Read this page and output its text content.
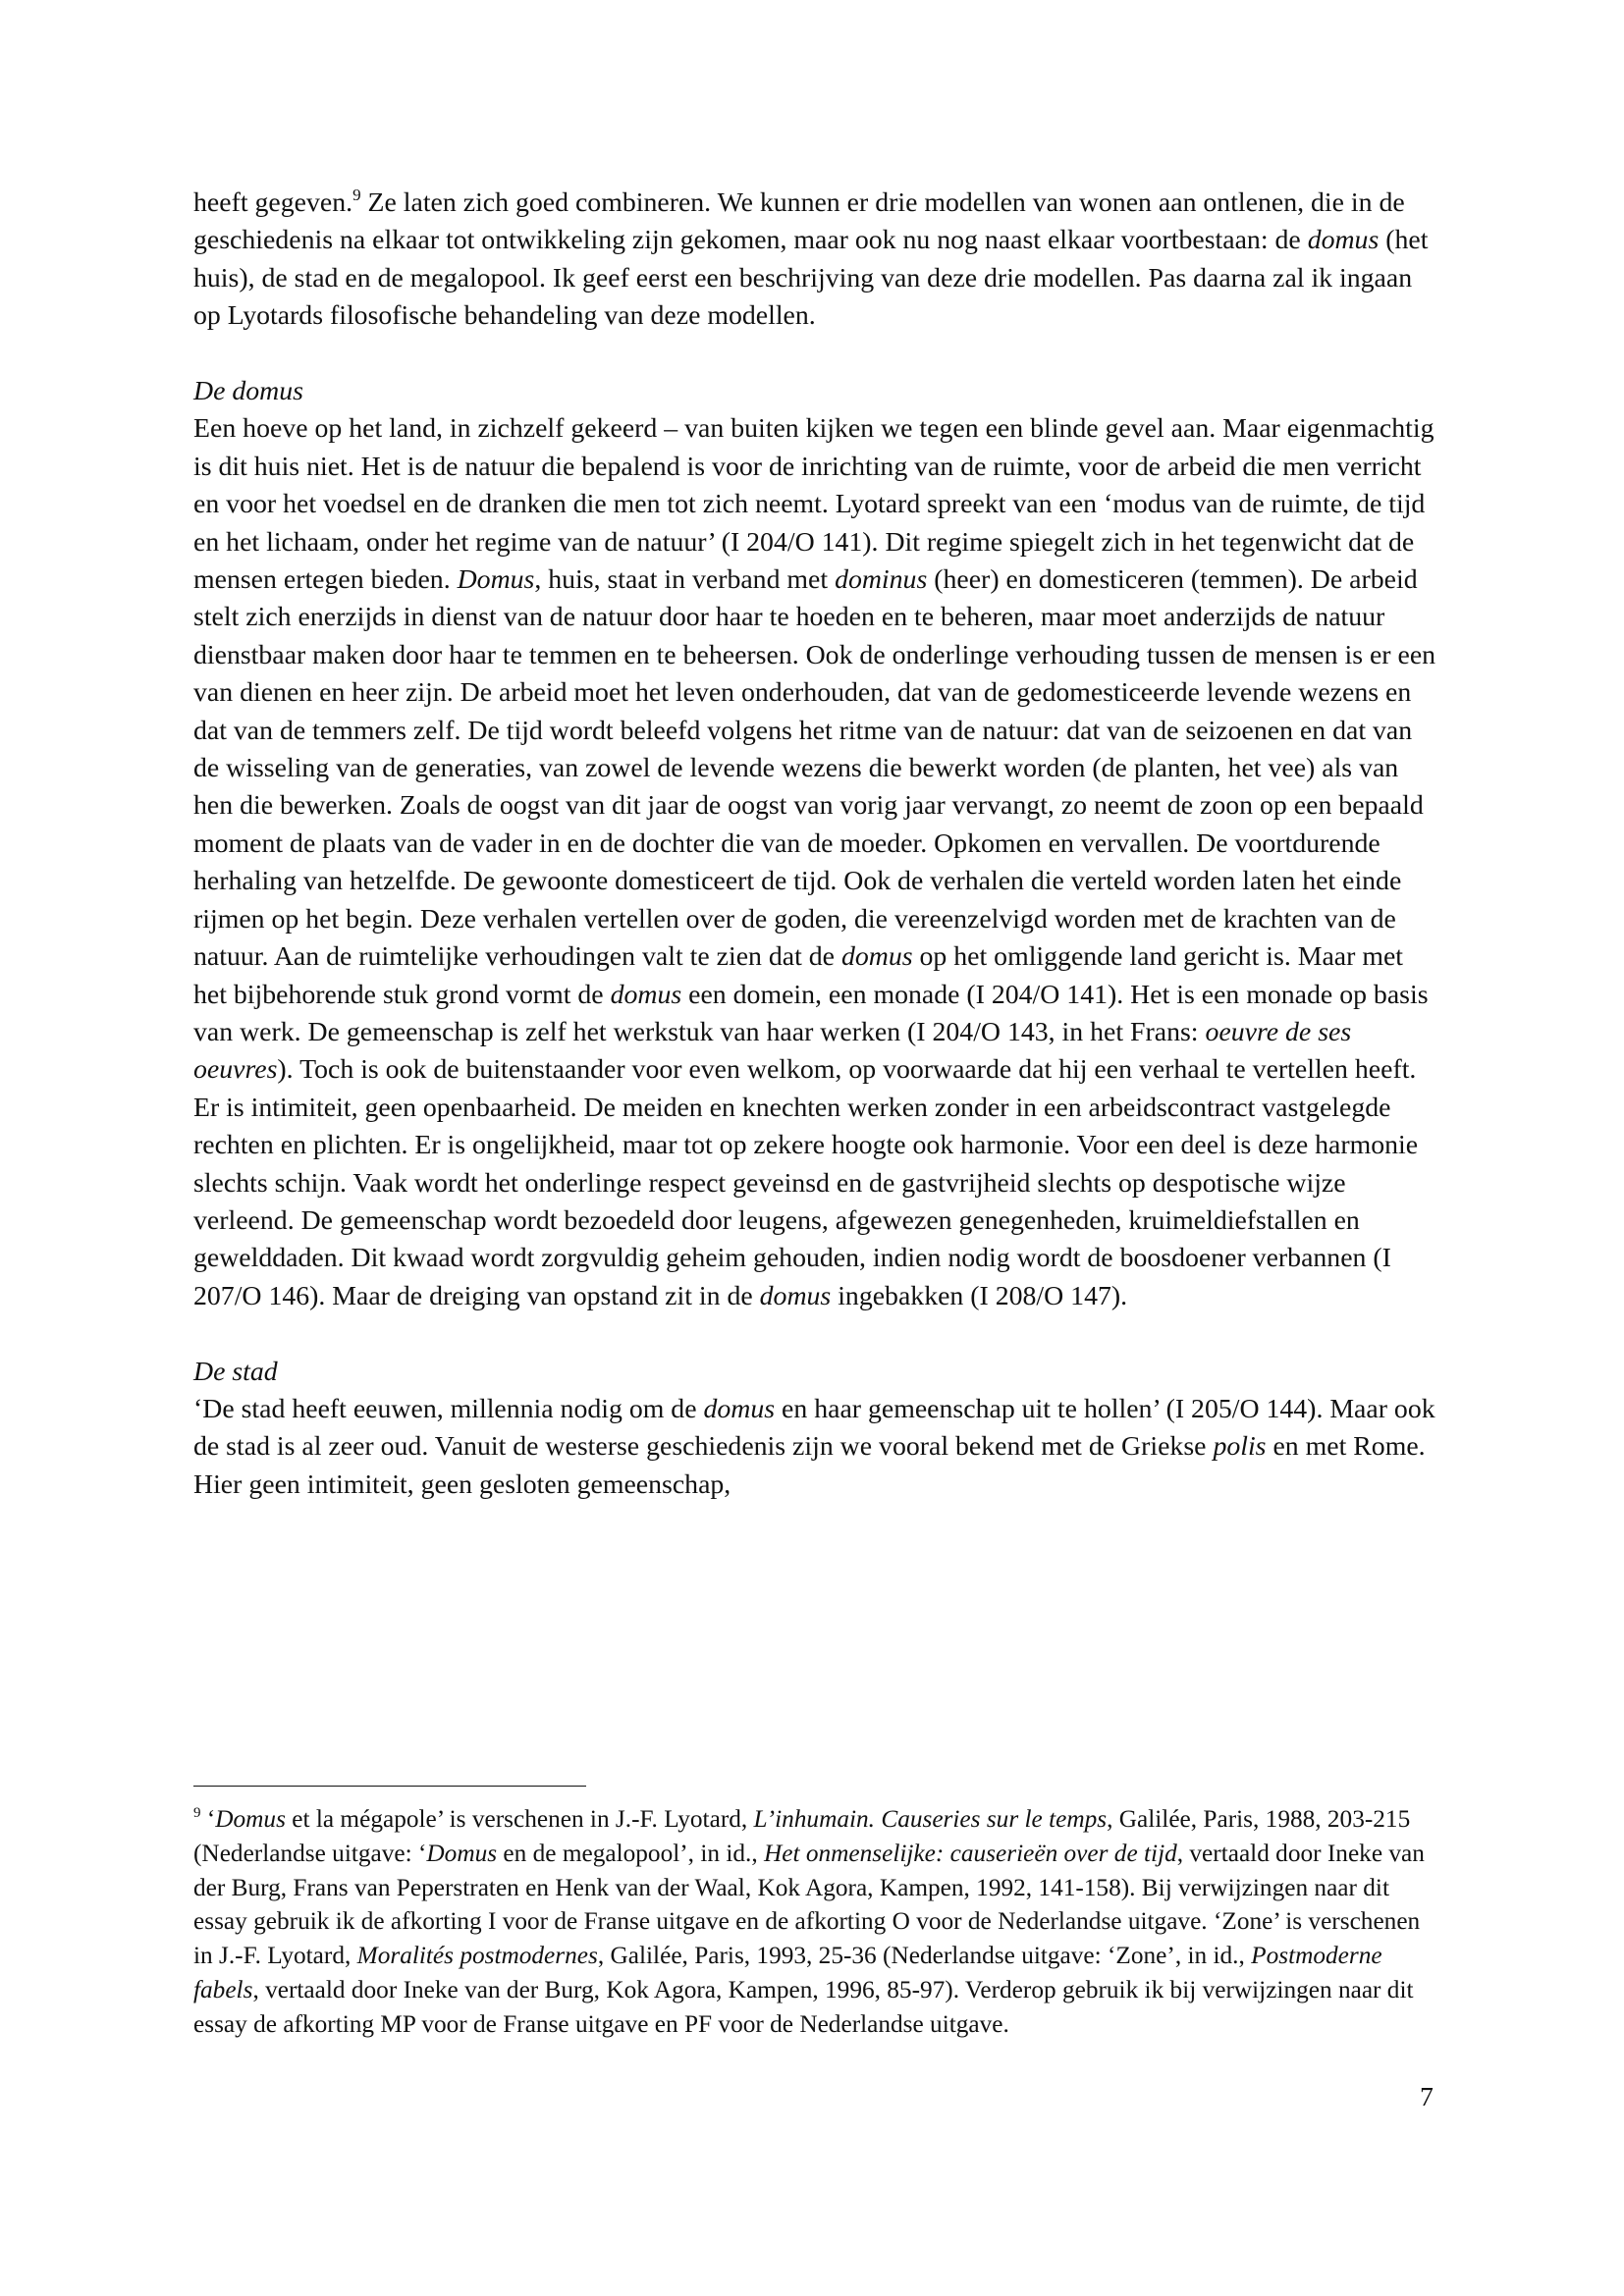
heeft gegeven.$^9$ Ze laten zich goed combineren. We kunnen er drie modellen van wonen aan ontlenen, die in de geschiedenis na elkaar tot ontwikkeling zijn gekomen, maar ook nu nog naast elkaar voortbestaan: de domus (het huis), de stad en de megalopool. Ik geef eerst een beschrijving van deze drie modellen. Pas daarna zal ik ingaan op Lyotards filosofische behandeling van deze modellen.

De domus

Een hoeve op het land, in zichzelf gekeerd – van buiten kijken we tegen een blinde gevel aan. Maar eigenmachtig is dit huis niet. Het is de natuur die bepalend is voor de inrichting van de ruimte, voor de arbeid die men verricht en voor het voedsel en de dranken die men tot zich neemt. Lyotard spreekt van een ‘modus van de ruimte, de tijd en het lichaam, onder het regime van de natuur’ (I 204/O 141). Dit regime spiegelt zich in het tegenwicht dat de mensen ertegen bieden. Domus, huis, staat in verband met dominus (heer) en domesticeren (temmen). De arbeid stelt zich enerzijds in dienst van de natuur door haar te hoeden en te beheren, maar moet anderzijds de natuur dienstbaar maken door haar te temmen en te beheersen. Ook de onderlinge verhouding tussen de mensen is er een van dienen en heer zijn. De arbeid moet het leven onderhouden, dat van de gedomesticeerde levende wezens en dat van de temmers zelf. De tijd wordt beleefd volgens het ritme van de natuur: dat van de seizoenen en dat van de wisseling van de generaties, van zowel de levende wezens die bewerkt worden (de planten, het vee) als van hen die bewerken. Zoals de oogst van dit jaar de oogst van vorig jaar vervangt, zo neemt de zoon op een bepaald moment de plaats van de vader in en de dochter die van de moeder. Opkomen en vervallen. De voortdurende herhaling van hetzelfde. De gewoonte domesticeert de tijd. Ook de verhalen die verteld worden laten het einde rijmen op het begin. Deze verhalen vertellen over de goden, die vereenzelvigd worden met de krachten van de natuur. Aan de ruimtelijke verhoudingen valt te zien dat de domus op het omliggende land gericht is. Maar met het bijbehorende stuk grond vormt de domus een domein, een monade (I 204/O 141). Het is een monade op basis van werk. De gemeenschap is zelf het werkstuk van haar werken (I 204/O 143, in het Frans: oeuvre de ses oeuvres). Toch is ook de buitenstaander voor even welkom, op voorwaarde dat hij een verhaal te vertellen heeft. Er is intimiteit, geen openbaarheid. De meiden en knechten werken zonder in een arbeidscontract vastgelegde rechten en plichten. Er is ongelijkheid, maar tot op zekere hoogte ook harmonie. Voor een deel is deze harmonie slechts schijn. Vaak wordt het onderlinge respect geveinsd en de gastvrijheid slechts op despotische wijze verleend. De gemeenschap wordt bezoedeld door leugens, afgewezen genegenheden, kruimeldiefstallen en gewelddaden. Dit kwaad wordt zorgvuldig geheim gehouden, indien nodig wordt de boosdoener verbannen (I 207/O 146). Maar de dreiging van opstand zit in de domus ingebakken (I 208/O 147).

De stad

‘De stad heeft eeuwen, millennia nodig om de domus en haar gemeenschap uit te hollen’ (I 205/O 144). Maar ook de stad is al zeer oud. Vanuit de westerse geschiedenis zijn we vooral bekend met de Griekse polis en met Rome. Hier geen intimiteit, geen gesloten gemeenschap,

$^9$ ‘Domus et la mégapole’ is verschenen in J.-F. Lyotard, L’inhumain. Causeries sur le temps, Galilée, Paris, 1988, 203-215 (Nederlandse uitgave: ‘Domus en de megalopool’, in id., Het onmenselijke: causerieën over de tijd, vertaald door Ineke van der Burg, Frans van Peperstraten en Henk van der Waal, Kok Agora, Kampen, 1992, 141-158). Bij verwijzingen naar dit essay gebruik ik de afkorting I voor de Franse uitgave en de afkorting O voor de Nederlandse uitgave. ‘Zone’ is verschenen in J.-F. Lyotard, Moralités postmodernes, Galilée, Paris, 1993, 25-36 (Nederlandse uitgave: ‘Zone’, in id., Postmoderne fabels, vertaald door Ineke van der Burg, Kok Agora, Kampen, 1996, 85-97). Verderop gebruik ik bij verwijzingen naar dit essay de afkorting MP voor de Franse uitgave en PF voor de Nederlandse uitgave.

7
